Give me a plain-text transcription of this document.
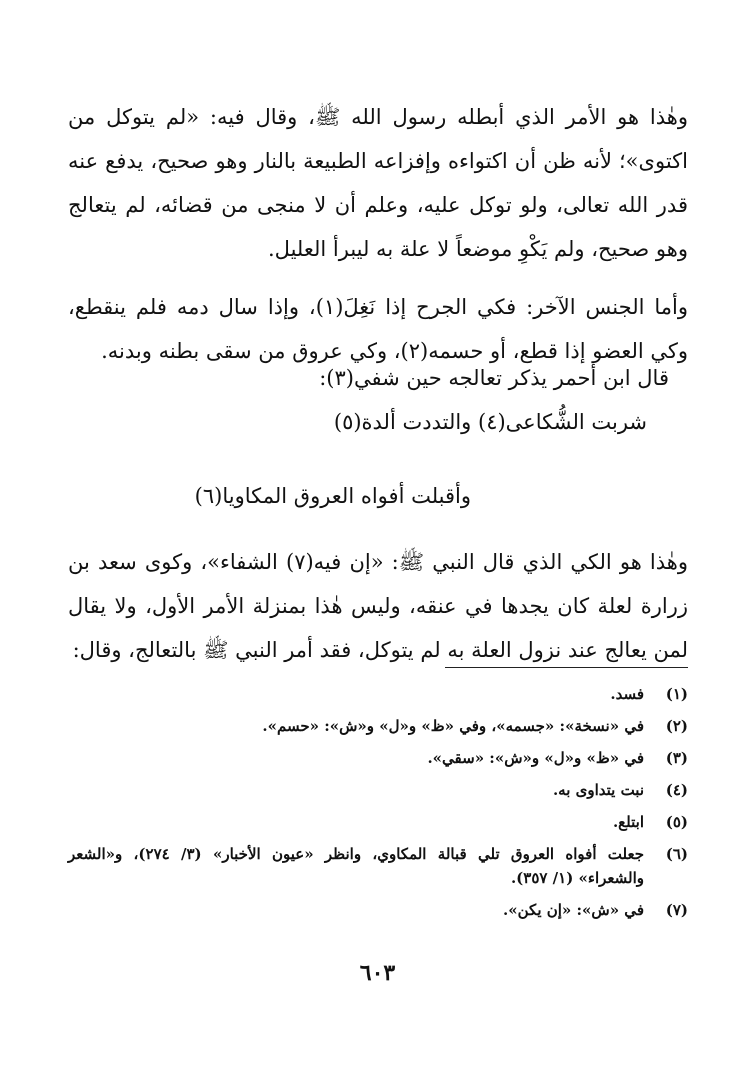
وهٰذا هو الأمر الذي أبطله رسول الله ﷺ، وقال فيه: «لم يتوكل من اكتوى»؛ لأنه ظن أن اكتواءه وإفزاعه الطبيعة بالنار وهو صحيح، يدفع عنه قدر الله تعالى، ولو توكل عليه، وعلم أن لا منجى من قضائه، لم يتعالج وهو صحيح، ولم يَكْوِ موضعاً لا علة به ليبرأ العليل.

وأما الجنس الآخر: فكي الجرح إذا نَغِلَ(١)، وإذا سال دمه فلم ينقطع، وكي العضو إذا قطع، أو حسمه(٢)، وكي عروق من سقى بطنه وبدنه.

قال ابن أحمر يذكر تعالجه حين شفي(٣):
شربت الشُّكاعى(٤) والتددت ألدة(٥)
وأقبلت أفواه العروق المكاويا(٦)

وهٰذا هو الكي الذي قال النبي ﷺ: «إن فيه(٧) الشفاء»، وكوى سعد بن زرارة لعلة كان يجدها في عنقه، وليس هٰذا بمنزلة الأمر الأول، ولا يقال لمن يعالج عند نزول العلة به لم يتوكل، فقد أمر النبي ﷺ بالتعالج، وقال:

(١)
فسد.
(٢)
في «نسخة»: «جسمه»، وفي «ظ» و«ل» و«ش»: «حسم».
(٣)
في «ظ» و«ل» و«ش»: «سقي».
(٤)
نبت يتداوى به.
(٥)
ابتلع.
(٦)
جعلت أفواه العروق تلي قبالة المكاوي، وانظر «عيون الأخبار» (٣/ ٢٧٤)، و«الشعر والشعراء» (١/ ٣٥٧).
(٧)
في «ش»: «إن يكن».
٦٠٣
